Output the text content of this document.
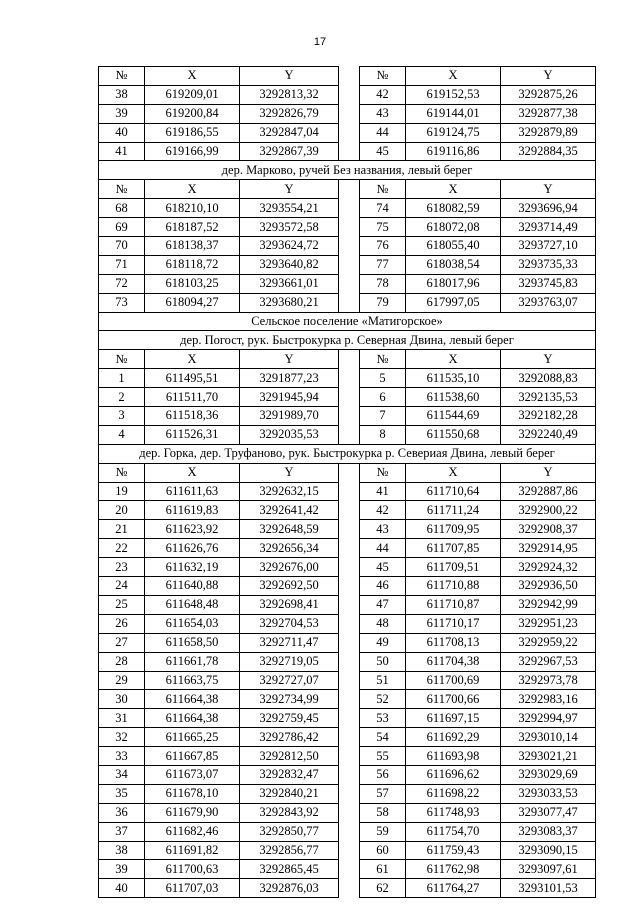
17
№	X	Y		№	X	Y
38	619209,01	3292813,32		42	619152,53	3292875,26
39	619200,84	3292826,79		43	619144,01	3292877,38
40	619186,55	3292847,04		44	619124,75	3292879,89
41	619166,99	3292867,39		45	619116,86	3292884,35
дер. Марково, ручей Без названия, левый берег						
№	X	Y		№	X	Y
68	618210,10	3293554,21		74	618082,59	3293696,94
69	618187,52	3293572,58		75	618072,08	3293714,49
70	618138,37	3293624,72		76	618055,40	3293727,10
71	618118,72	3293640,82		77	618038,54	3293735,33
72	618103,25	3293661,01		78	618017,96	3293745,83
73	618094,27	3293680,21		79	617997,05	3293763,07
Сельское поселение «Матигорское»						
дер. Погост, рук. Быстрокурка р. Северная Двина, левый берег						
№	X	Y		№	X	Y
1	611495,51	3291877,23		5	611535,10	3292088,83
2	611511,70	3291945,94		6	611538,60	3292135,53
3	611518,36	3291989,70		7	611544,69	3292182,28
4	611526,31	3292035,53		8	611550,68	3292240,49
дер. Горка, дер. Труфаново, рук. Быстрокурка р. Севериая Двина, левый берег						
№	X	Y		№	X	Y
19	611611,63	3292632,15		41	611710,64	3292887,86
20	611619,83	3292641,42		42	611711,24	3292900,22
21	611623,92	3292648,59		43	611709,95	3292908,37
22	611626,76	3292656,34		44	611707,85	3292914,95
23	611632,19	3292676,00		45	611709,51	3292924,32
24	611640,88	3292692,50		46	611710,88	3292936,50
25	611648,48	3292698,41		47	611710,87	3292942,99
26	611654,03	3292704,53		48	611710,17	3292951,23
27	611658,50	3292711,47		49	611708,13	3292959,22
28	611661,78	3292719,05		50	611704,38	3292967,53
29	611663,75	3292727,07		51	611700,69	3292973,78
30	611664,38	3292734,99		52	611700,66	3292983,16
31	611664,38	3292759,45		53	611697,15	3292994,97
32	611665,25	3292786,42		54	611692,29	3293010,14
33	611667,85	3292812,50		55	611693,98	3293021,21
34	611673,07	3292832,47		56	611696,62	3293029,69
35	611678,10	3292840,21		57	611698,22	3293033,53
36	611679,90	3292843,92		58	611748,93	3293077,47
37	611682,46	3292850,77		59	611754,70	3293083,37
38	611691,82	3292856,77		60	611759,43	3293090,15
39	611700,63	3292865,45		61	611762,98	3293097,61
40	611707,03	3292876,03		62	611764,27	3293101,53
